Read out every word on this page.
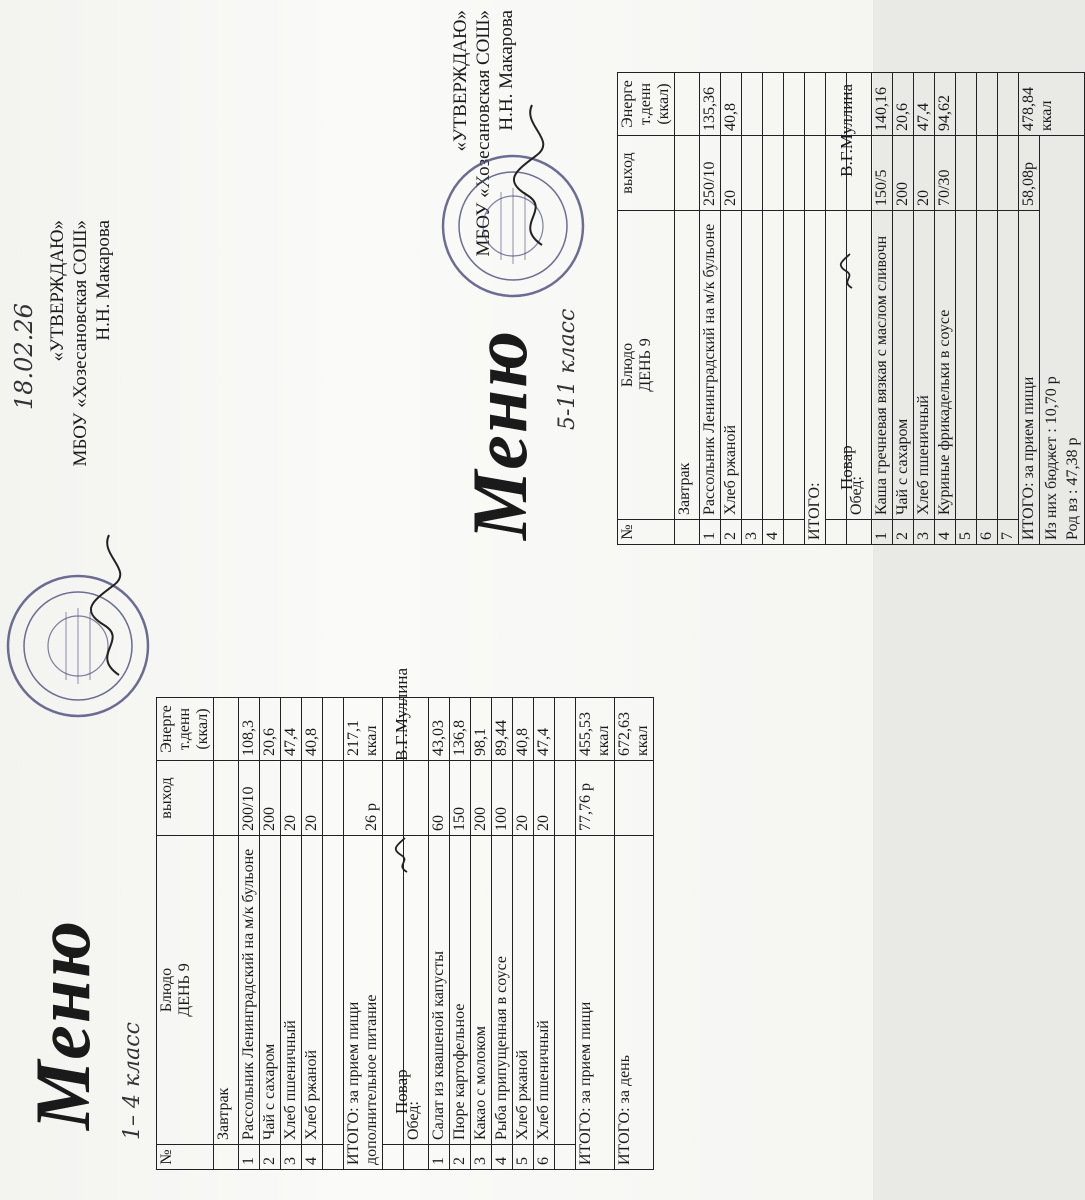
Меню 1– 4 класс
18.02.26 «УТВЕРЖДАЮ» МБОУ «Хозесановская СОШ» Н.Н. Макарова
№	Блюдо
ДЕНЬ 9	выход	Энерге
т.денн
(ккал)
	Завтрак		
1	Рассольник Ленинградский на м/к бульоне	200/10	108,3
2	Чай с сахаром	200	20,6
3	Хлеб пшеничный	20	47,4
4	Хлеб ржаной	20	40,8

ИТОГО: за прием пищи
дополнительное питание		26 р	217,1
ккал

	Обед:		
1	Салат из квашеной капусты	60	43,03
2	Пюре картофельное	150	136,8
3	Какао с молоком	200	98,1
4	Рыба припущенная в соусе	100	89,44
5	Хлеб ржаной	20	40,8
6	Хлеб пшеничный	20	47,4

ИТОГО: за прием пищи		77,76 р	455,53
ккал
ИТОГО: за день			672,63
ккал
Повар  В.Г.Муллина
Меню 5-11 класс
«УТВЕРЖДАЮ» МБОУ «Хозесановская СОШ» Н.Н. Макарова
№	Блюдо
ДЕНЬ 9	выход	Энерге
т.денн
(ккал)
	Завтрак		
1	Рассольник Ленинградский на м/к бульоне	250/10	135,36
2	Хлеб ржаной	20	40,8
3			
4			

ИТОГО:			

	Обед:		
1	Каша гречневая вязкая с маслом сливочн	150/5	140,16
2	Чай с сахаром	200	20,6
3	Хлеб пшеничный	20	47,4
4	Куриные фрикадельки в соусе	70/30	94,62
5			
6			
7			
ИТОГО: за прием пищи		58,08р	478,84
ккал

Из них бюджет : 10,70 р Род вз : 47,38 р			
Повар  В.Г.Муллина
